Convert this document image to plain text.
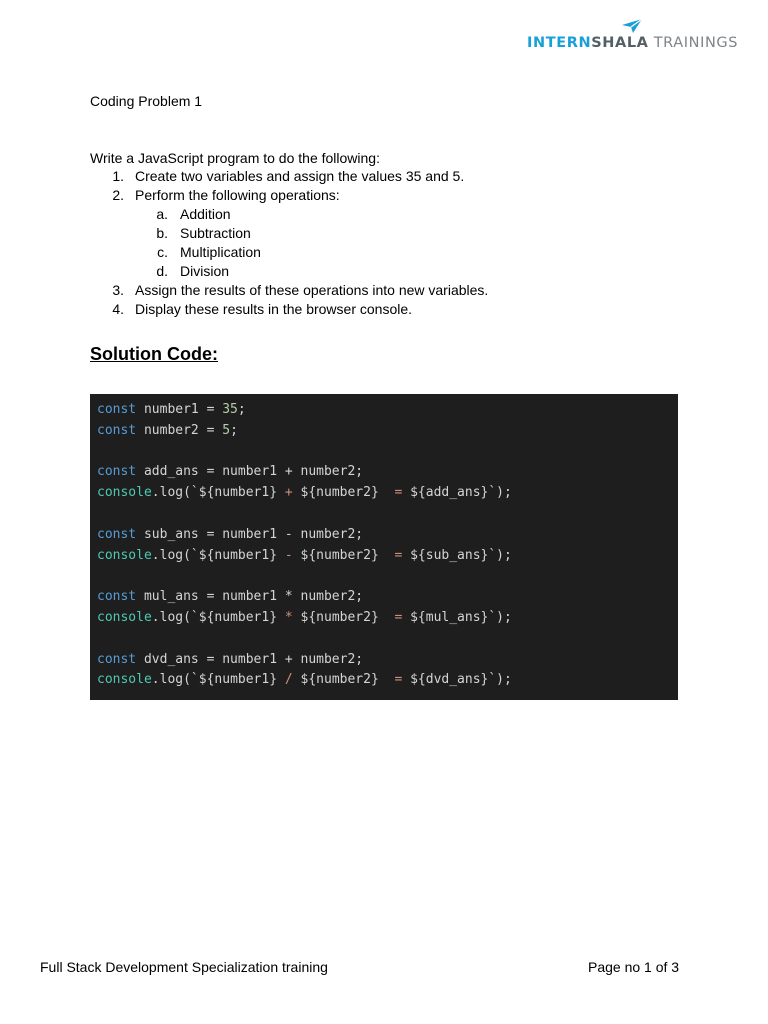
INTERNSHALA TRAININGS
Coding Problem 1
Write a JavaScript program to do the following:
1. Create two variables and assign the values 35 and 5.
2. Perform the following operations:
a. Addition
b. Subtraction
c. Multiplication
d. Division
3. Assign the results of these operations into new variables.
4. Display these results in the browser console.
Solution Code:
const number1 = 35;
const number2 = 5;

const add_ans = number1 + number2;
console.log(`${number1} + ${number2}  = ${add_ans}`);

const sub_ans = number1 - number2;
console.log(`${number1} - ${number2}  = ${sub_ans}`);

const mul_ans = number1 * number2;
console.log(`${number1} * ${number2}  = ${mul_ans}`);

const dvd_ans = number1 + number2;
console.log(`${number1} / ${number2}  = ${dvd_ans}`);
Full Stack Development Specialization training	Page no 1 of 3
